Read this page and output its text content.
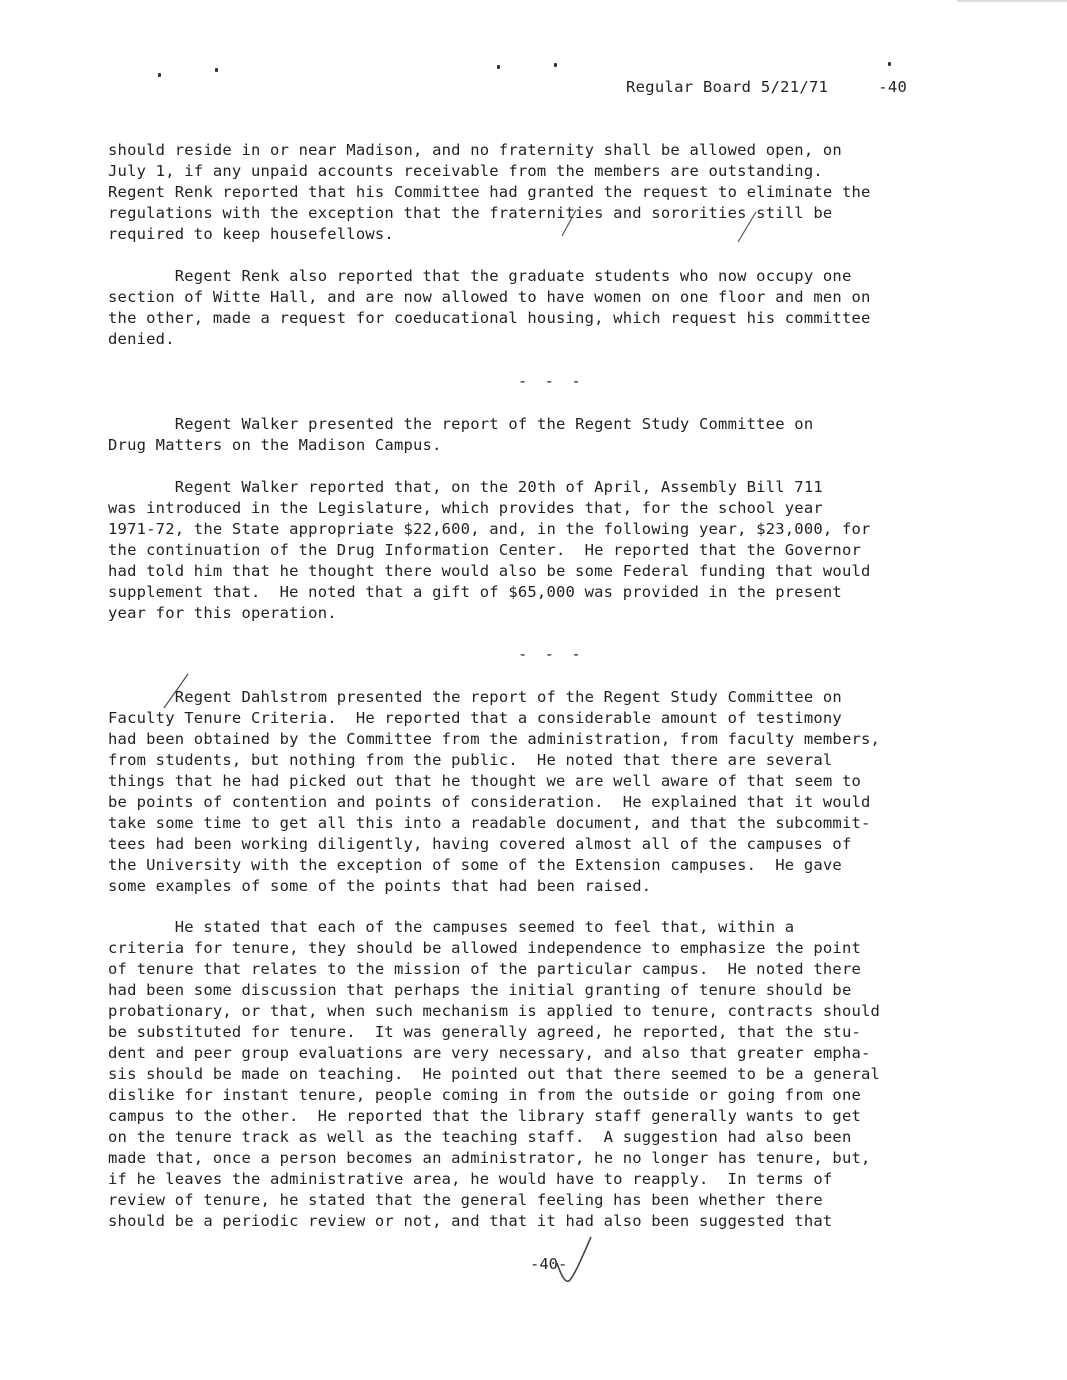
Regular Board 5/21/71	-40
should reside in or near Madison, and no fraternity shall be allowed open, on
July 1, if any unpaid accounts receivable from the members are outstanding.
Regent Renk reported that his Committee had granted the request to eliminate the
regulations with the exception that the fraternities and sororities still be
required to keep housefellows.
Regent Renk also reported that the graduate students who now occupy one
section of Witte Hall, and are now allowed to have women on one floor and men on
the other, made a request for coeducational housing, which request his committee
denied.
- - -
Regent Walker presented the report of the Regent Study Committee on
Drug Matters on the Madison Campus.
Regent Walker reported that, on the 20th of April, Assembly Bill 711
was introduced in the Legislature, which provides that, for the school year
1971-72, the State appropriate $22,600, and, in the following year, $23,000, for
the continuation of the Drug Information Center.  He reported that the Governor
had told him that he thought there would also be some Federal funding that would
supplement that.  He noted that a gift of $65,000 was provided in the present
year for this operation.
- - -
Regent Dahlstrom presented the report of the Regent Study Committee on
Faculty Tenure Criteria.  He reported that a considerable amount of testimony
had been obtained by the Committee from the administration, from faculty members,
from students, but nothing from the public.  He noted that there are several
things that he had picked out that he thought we are well aware of that seem to
be points of contention and points of consideration.  He explained that it would
take some time to get all this into a readable document, and that the subcommit-
tees had been working diligently, having covered almost all of the campuses of
the University with the exception of some of the Extension campuses.  He gave
some examples of some of the points that had been raised.
He stated that each of the campuses seemed to feel that, within a
criteria for tenure, they should be allowed independence to emphasize the point
of tenure that relates to the mission of the particular campus.  He noted there
had been some discussion that perhaps the initial granting of tenure should be
probationary, or that, when such mechanism is applied to tenure, contracts should
be substituted for tenure.  It was generally agreed, he reported, that the stu-
dent and peer group evaluations are very necessary, and also that greater empha-
sis should be made on teaching.  He pointed out that there seemed to be a general
dislike for instant tenure, people coming in from the outside or going from one
campus to the other.  He reported that the library staff generally wants to get
on the tenure track as well as the teaching staff.  A suggestion had also been
made that, once a person becomes an administrator, he no longer has tenure, but,
if he leaves the administrative area, he would have to reapply.  In terms of
review of tenure, he stated that the general feeling has been whether there
should be a periodic review or not, and that it had also been suggested that
-40-
